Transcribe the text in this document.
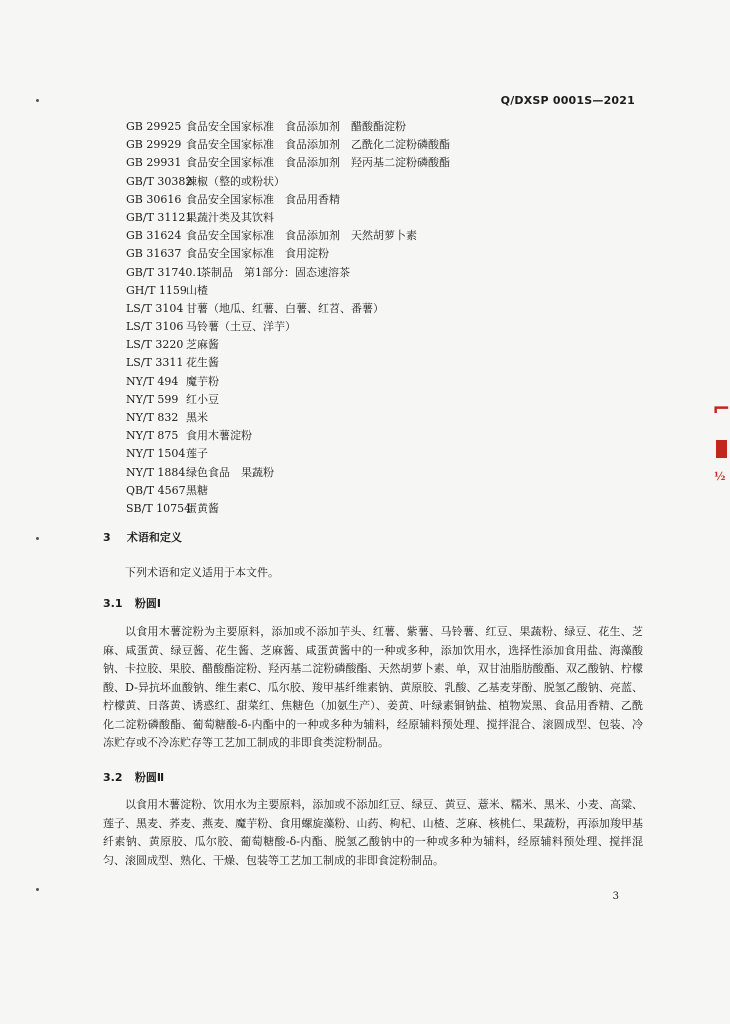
⌐
½
Q/DXSP 0001S—2021
GB 29925 食品安全国家标准　食品添加剂　醋酸酯淀粉
GB 29929 食品安全国家标准　食品添加剂　乙酰化二淀粉磷酸酯
GB 29931 食品安全国家标准　食品添加剂　羟丙基二淀粉磷酸酯
GB/T 30382辣椒（整的或粉状）
GB 30616 食品安全国家标准　食品用香精
GB/T 31121果蔬汁类及其饮料
GB 31624 食品安全国家标准　食品添加剂　天然胡萝卜素
GB 31637 食品安全国家标准　食用淀粉
GB/T 31740.1茶制品　第1部分：固态速溶茶
GH/T 1159山楂
LS/T 3104 甘薯（地瓜、红薯、白薯、红苕、番薯）
LS/T 3106 马铃薯（土豆、洋芋）
LS/T 3220 芝麻酱
LS/T 3311 花生酱
NY/T 494 魔芋粉
NY/T 599 红小豆
NY/T 832 黑米
NY/T 875 食用木薯淀粉
NY/T 1504莲子
NY/T 1884绿色食品　果蔬粉
QB/T 4567黑糖
SB/T 10754蛋黄酱
3 术语和定义
下列术语和定义适用于本文件。
3.1 粉圆Ⅰ
以食用木薯淀粉为主要原料，添加或不添加芋头、红薯、紫薯、马铃薯、红豆、果蔬粉、绿豆、花生、芝麻、咸蛋黄、绿豆酱、花生酱、芝麻酱、咸蛋黄酱中的一种或多种，添加饮用水，选择性添加食用盐、海藻酸钠、卡拉胶、果胶、醋酸酯淀粉、羟丙基二淀粉磷酸酯、天然胡萝卜素、单，双甘油脂肪酸酯、双乙酸钠、柠檬酸、D-异抗坏血酸钠、维生素C、瓜尔胶、羧甲基纤维素钠、黄原胶、乳酸、乙基麦芽酚、脱氢乙酸钠、亮蓝、柠檬黄、日落黄、诱惑红、甜菜红、焦糖色（加氨生产）、姜黄、叶绿素铜钠盐、植物炭黑、食品用香精、乙酰化二淀粉磷酸酯、葡萄糖酸-δ-内酯中的一种或多种为辅料，经原辅料预处理、搅拌混合、滚圆成型、包装、冷冻贮存或不冷冻贮存等工艺加工制成的非即食类淀粉制品。
3.2 粉圆Ⅱ
以食用木薯淀粉、饮用水为主要原料，添加或不添加红豆、绿豆、黄豆、薏米、糯米、黑米、小麦、高粱、莲子、黑麦、荞麦、燕麦、魔芋粉、食用螺旋藻粉、山药、枸杞、山楂、芝麻、核桃仁、果蔬粉，再添加羧甲基纤素钠、黄原胶、瓜尔胶、葡萄糖酸-δ-内酯、脱氢乙酸钠中的一种或多种为辅料，经原辅料预处理、搅拌混匀、滚圆成型、熟化、干燥、包装等工艺加工制成的非即食淀粉制品。
3
